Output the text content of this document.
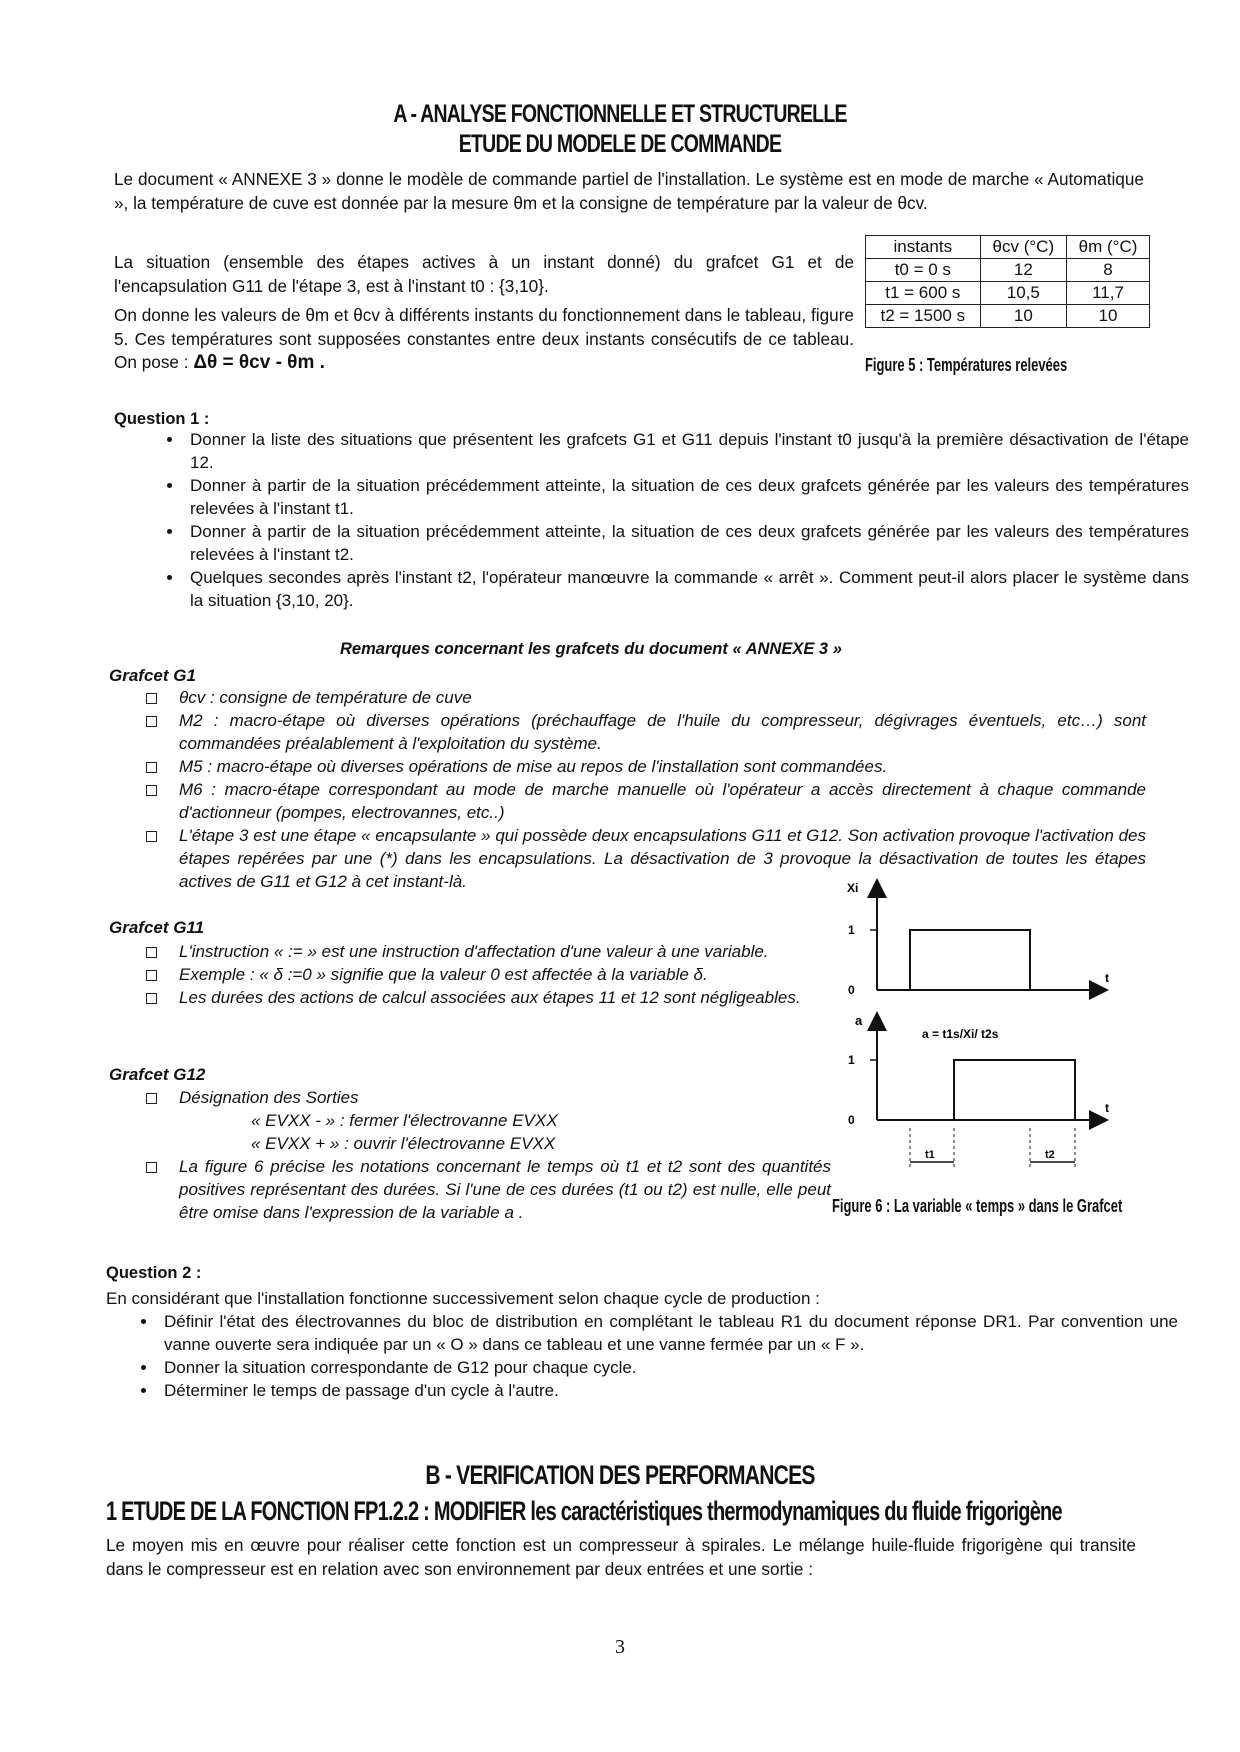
A - ANALYSE FONCTIONNELLE ET STRUCTURELLE
ETUDE DU MODELE DE COMMANDE
Le document « ANNEXE 3 » donne le modèle de commande partiel de l'installation. Le système est en mode de marche « Automatique », la température de cuve est donnée par la mesure θm et la consigne de température par la valeur de θcv.
La situation (ensemble des étapes actives à un instant donné) du grafcet G1 et de l'encapsulation G11 de l'étape 3, est à l'instant t0 : {3,10}.
On donne les valeurs de θm et θcv à différents instants du fonctionnement dans le tableau, figure 5. Ces températures sont supposées constantes entre deux instants consécutifs de ce tableau. On pose : Δθ = θcv - θm .
instants	θcv (°C)	θm (°C)
t0 = 0 s	12	8
t1 = 600 s	10,5	11,7
t2 = 1500 s	10	10
Figure 5 : Températures relevées
Question 1 :
• Donner la liste des situations que présentent les grafcets G1 et G11 depuis l'instant t0 jusqu'à la première désactivation de l'étape 12.
• Donner à partir de la situation précédemment atteinte, la situation de ces deux grafcets générée par les valeurs des températures relevées à l'instant t1.
• Donner à partir de la situation précédemment atteinte, la situation de ces deux grafcets générée par les valeurs des températures relevées à l'instant t2.
• Quelques secondes après l'instant t2, l'opérateur manœuvre la commande « arrêt ». Comment peut-il alors placer le système dans la situation {3,10, 20}.
Remarques concernant les grafcets du document « ANNEXE 3 »
Grafcet G1
θcv : consigne de température de cuve
M2 : macro-étape où diverses opérations (préchauffage de l'huile du compresseur, dégivrages éventuels, etc…) sont commandées préalablement à l'exploitation du système.
M5 : macro-étape où diverses opérations de mise au repos de l'installation sont commandées.
M6 : macro-étape correspondant au mode de marche manuelle où l'opérateur a accès directement à chaque commande d'actionneur (pompes, electrovannes, etc..)
L'étape 3 est une étape « encapsulante » qui possède deux encapsulations G11 et G12. Son activation provoque l'activation des étapes repérées par une (*) dans les encapsulations. La désactivation de 3 provoque la désactivation de toutes les étapes actives de G11 et G12 à cet instant-là.
Grafcet G11
L'instruction « := » est une instruction d'affectation d'une valeur à une variable.
Exemple : « δ :=0 » signifie que la valeur 0 est affectée à la variable δ.
Les durées des actions de calcul associées aux étapes 11 et 12 sont négligeables.
Grafcet G12
Désignation des Sorties
« EVXX - » : fermer l'électrovanne EVXX
« EVXX + » : ouvrir l'électrovanne EVXX
La figure 6 précise les notations concernant le temps où t1 et t2 sont des quantités positives représentant des durées. Si l'une de ces durées (t1 ou t2) est nulle, elle peut être omise dans l'expression de la variable a .
Xi
1
0
t
a
1
0
t
a = t1s/Xi/ t2s
t1	t2
Figure 6 : La variable « temps » dans le Grafcet
Question 2 :
En considérant que l'installation fonctionne successivement selon chaque cycle de production :
• Définir l'état des électrovannes du bloc de distribution en complétant le tableau R1 du document réponse DR1. Par convention une vanne ouverte sera indiquée par un « O » dans ce tableau et une vanne fermée par un « F ».
• Donner la situation correspondante de G12 pour chaque cycle.
• Déterminer le temps de passage d'un cycle à l'autre.
B - VERIFICATION DES PERFORMANCES
1 ETUDE DE LA FONCTION FP1.2.2 : MODIFIER les caractéristiques thermodynamiques du fluide frigorigène
Le moyen mis en œuvre pour réaliser cette fonction est un compresseur à spirales. Le mélange huile-fluide frigorigène qui transite dans le compresseur est en relation avec son environnement par deux entrées et une sortie :
3
